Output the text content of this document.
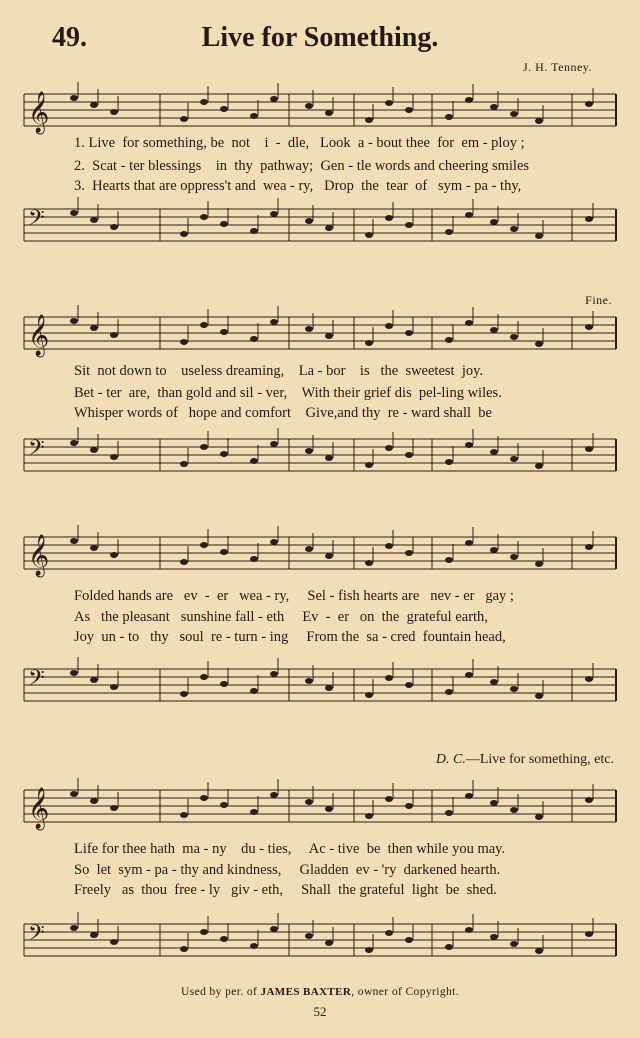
49.	Live for Something.
J. H. Tenney.
𝄞
1. Live  for something, be  not    i  -  dle,   Look  a - bout thee  for  em - ploy ;
2.  Scat - ter blessings    in  thy  pathway;  Gen - tle words and cheering smiles
3.  Hearts that are oppress't and  wea - ry,   Drop  the  tear  of   sym - pa - thy,
𝄢
𝄞
Fine.
Sit  not down to    useless dreaming,    La - bor    is   the  sweetest  joy.
Bet - ter  are,  than gold and sil - ver,    With their grief dis  pel-ling wiles.
Whisper words of   hope and comfort    Give,and thy  re - ward shall  be
𝄢
𝄞
Folded hands are   ev  -  er   wea - ry,     Sel - fish hearts are   nev - er   gay ;
As   the pleasant   sunshine fall - eth     Ev  -  er   on  the  grateful earth,
Joy  un - to   thy   soul  re - turn - ing     From the  sa - cred  fountain head,
𝄢
D. C.—Live for something, etc.
𝄞
Life for thee hath  ma - ny    du - ties,     Ac - tive  be  then while you may.
So  let  sym - pa - thy and kindness,     Gladden  ev - 'ry  darkened hearth.
Freely   as  thou  free - ly   giv - eth,     Shall  the grateful  light  be  shed.
𝄢
Used by per. of JAMES BAXTER, owner of Copyright.
52
